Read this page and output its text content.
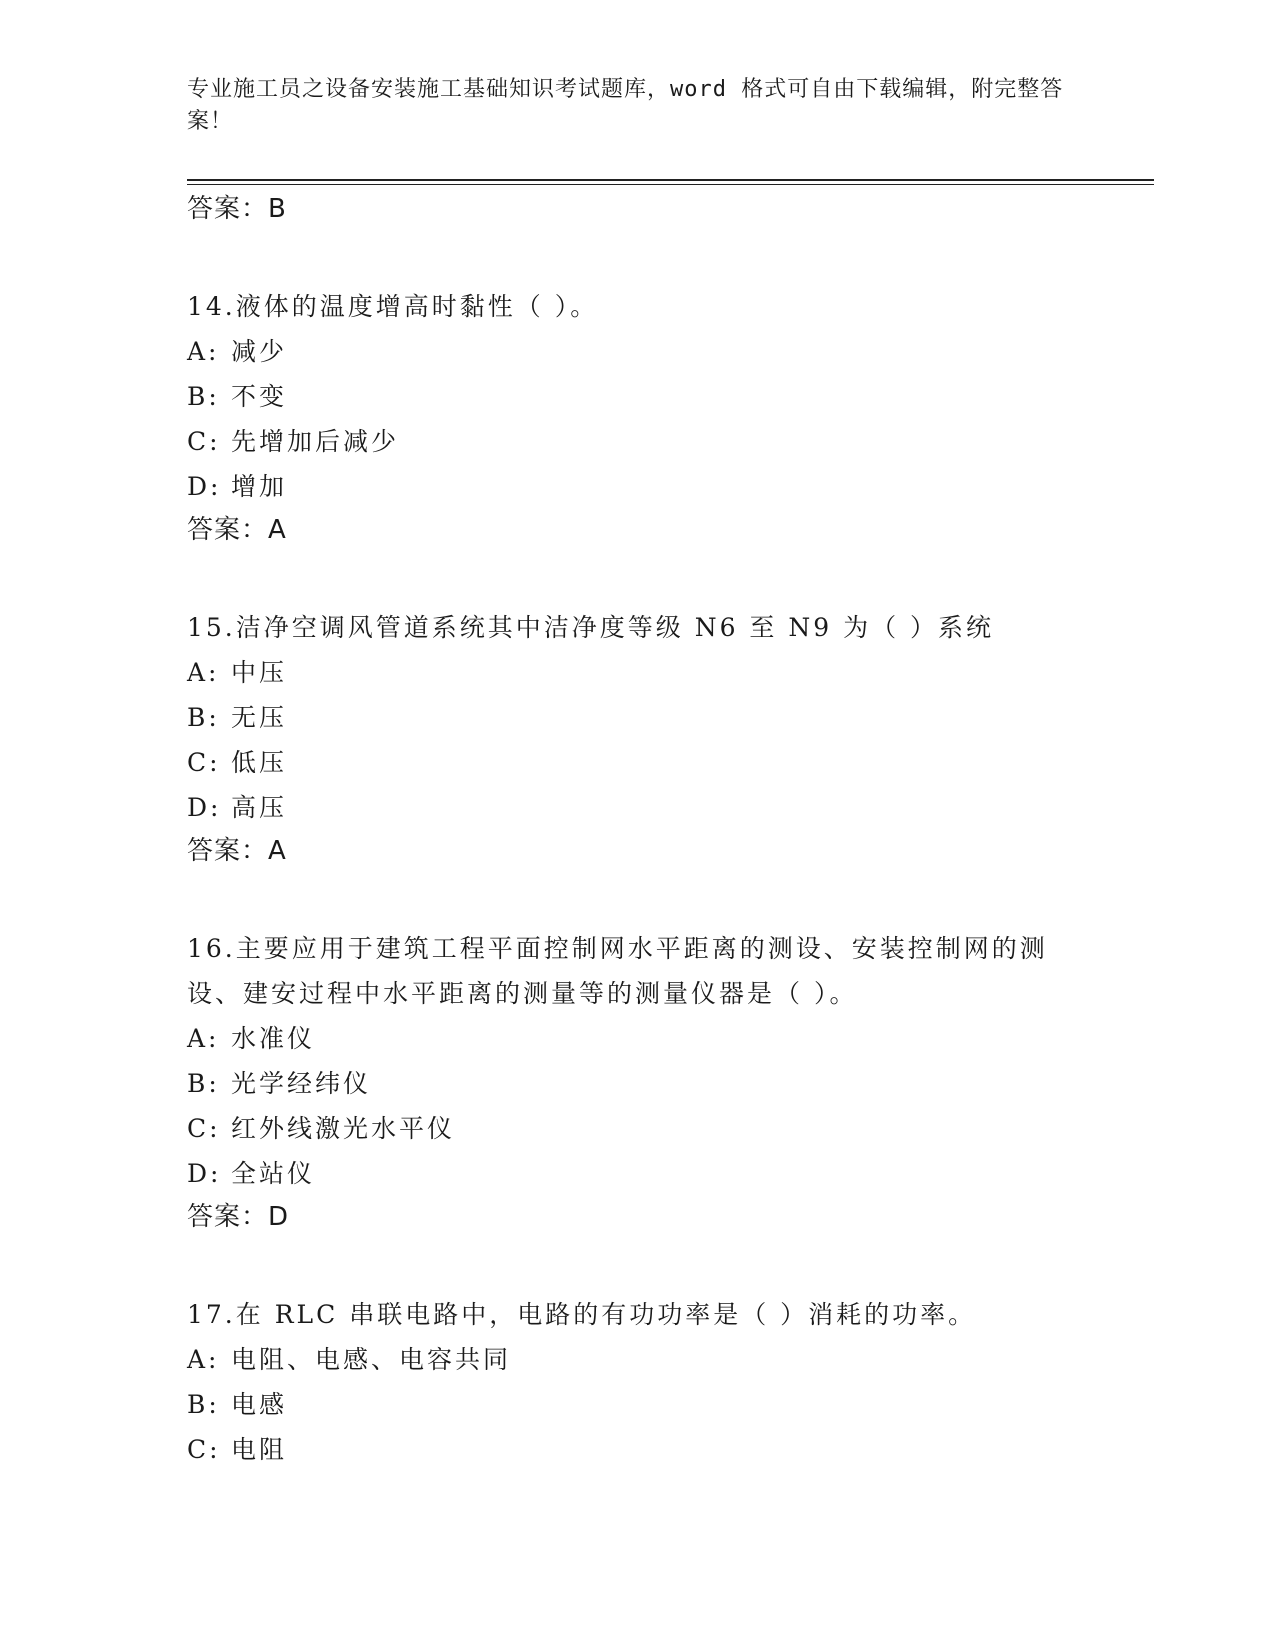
专业施工员之设备安装施工基础知识考试题库，word 格式可自由下载编辑，附完整答案！
答案：B
14.液体的温度增高时黏性（ ）。
A: 减少
B: 不变
C: 先增加后减少
D: 增加
答案：A
15.洁净空调风管道系统其中洁净度等级 N6 至 N9 为（ ）系统
A: 中压
B: 无压
C: 低压
D: 高压
答案：A
16.主要应用于建筑工程平面控制网水平距离的测设、安装控制网的测设、建安过程中水平距离的测量等的测量仪器是（ ）。
A: 水准仪
B: 光学经纬仪
C: 红外线激光水平仪
D: 全站仪
答案：D
17.在 RLC 串联电路中，电路的有功功率是（ ）消耗的功率。
A: 电阻、电感、电容共同
B: 电感
C: 电阻
